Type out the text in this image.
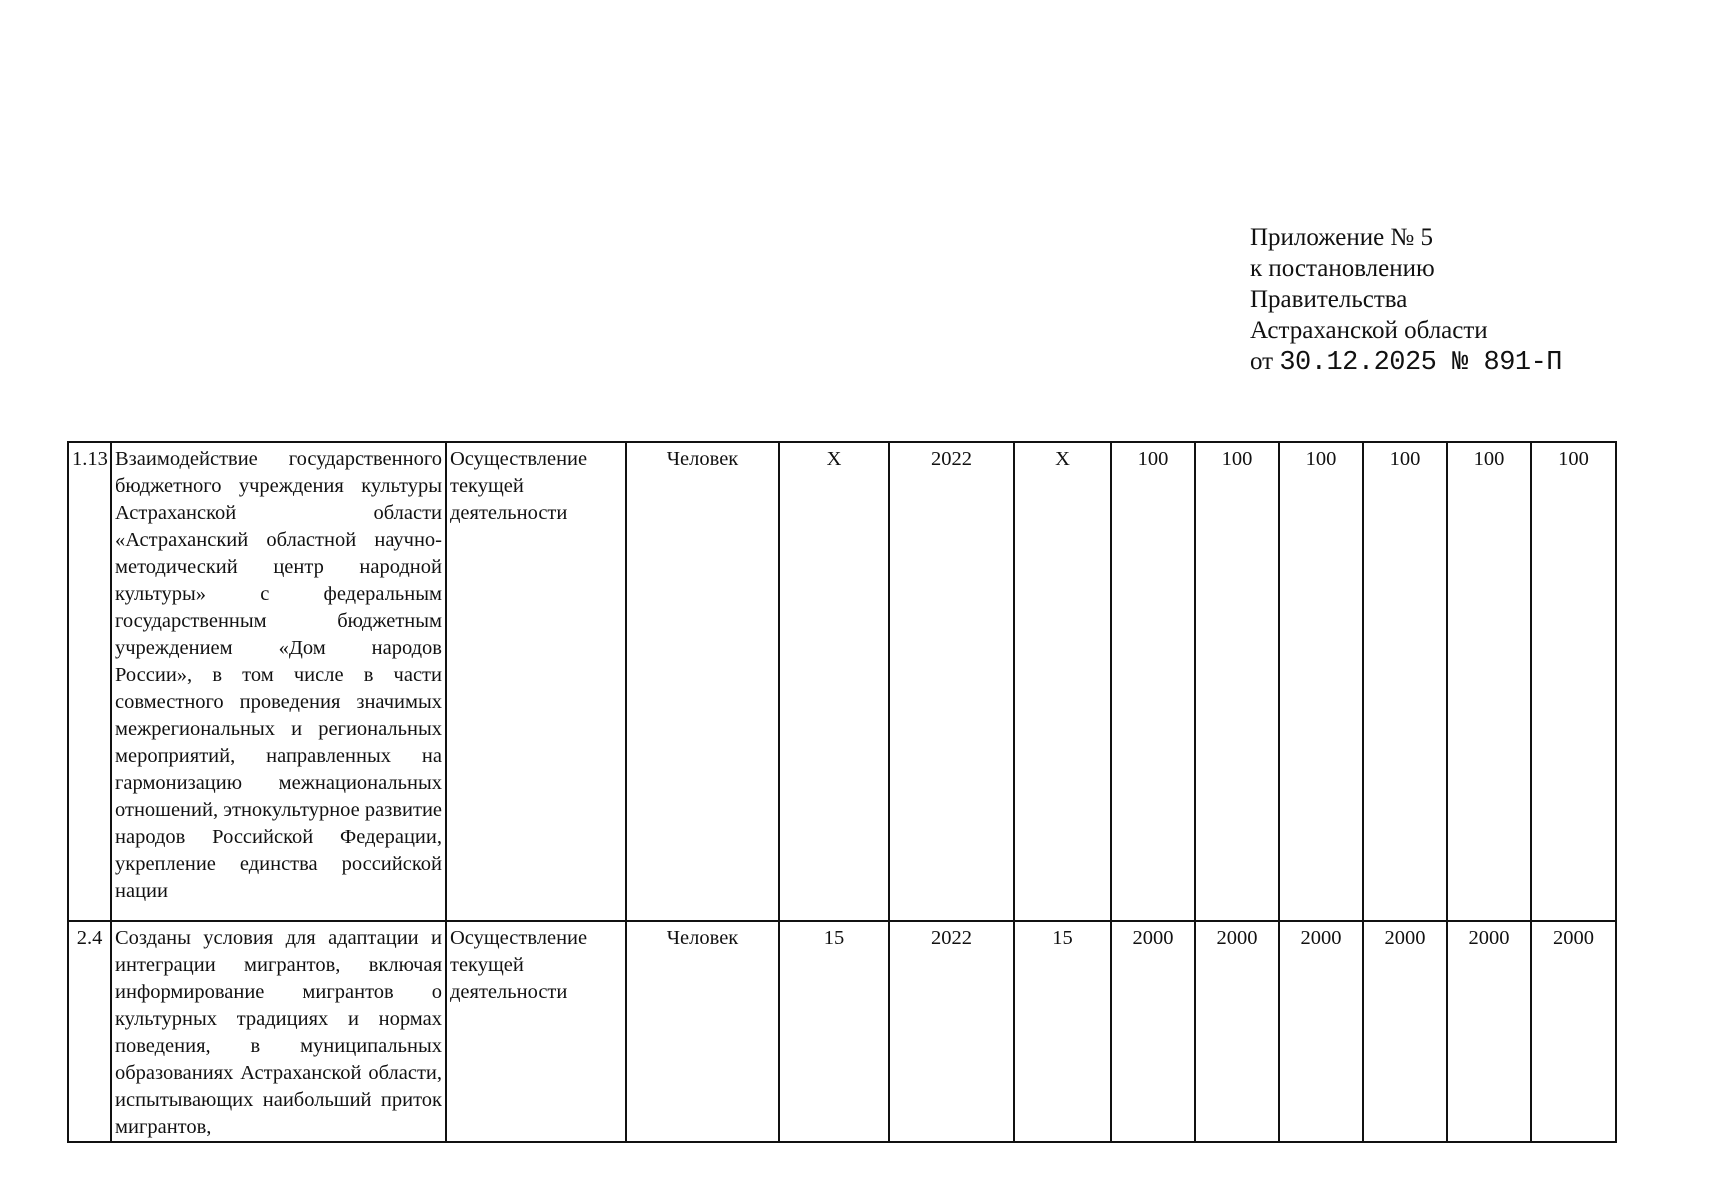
Приложение № 5
к постановлению
Правительства
Астраханской области
от 30.12.2025 № 891-П
1.13	Взаимодействие государственного бюджетного учреждения культуры Астраханской области «Астраханский областной научно-методический центр народной культуры» с федеральным государственным бюджетным учреждением «Дом народов России», в том числе в части совместного проведения значимых межрегиональных и региональных мероприятий, направленных на гармонизацию межнациональных отношений, этнокультурное развитие народов Российской Федерации, укрепление единства российской нации	Осуществление текущей деятельности	Человек	Х	2022	Х	100	100	100	100	100	100
2.4	Созданы условия для адаптации и интеграции мигрантов, включая информирование мигрантов о культурных традициях и нормах поведения, в муниципальных образованиях Астраханской области, испытывающих наибольший приток мигрантов,	Осуществление текущей деятельности	Человек	15	2022	15	2000	2000	2000	2000	2000	2000
